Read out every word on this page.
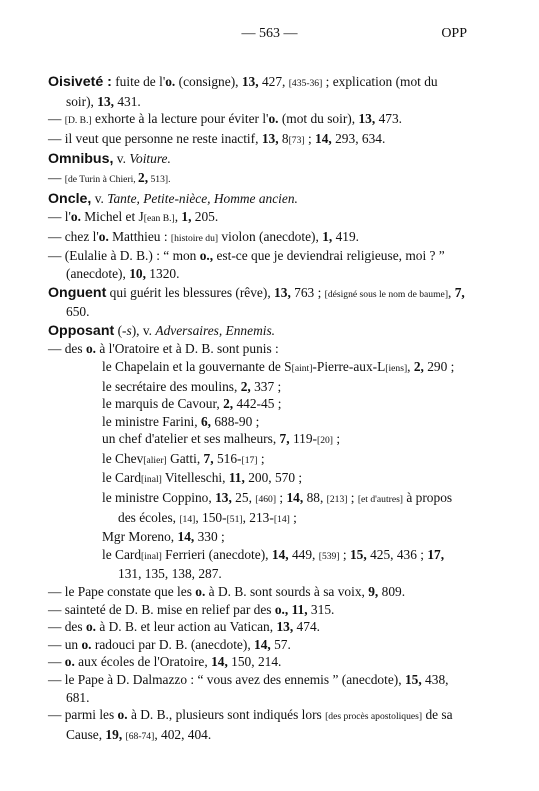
— 563 —	OPP

Oisiveté : fuite de l'o. (consigne), 13, 427, [435-36] ; explication (mot du soir), 13, 431.

— [D. B.] exhorte à la lecture pour éviter l'o. (mot du soir), 13, 473.

— il veut que personne ne reste inactif, 13, 8[73] ; 14, 293, 634.

Omnibus, v. Voiture.

— [de Turin à Chieri, 2, 513].

Oncle, v. Tante, Petite-nièce, Homme ancien.

— l'o. Michel et J[ean B.], 1, 205.

— chez l'o. Matthieu : [histoire du] violon (anecdote), 1, 419.

— (Eulalie à D. B.) : “ mon o., est-ce que je deviendrai religieuse, moi ? ” (anecdote), 10, 1320.

Onguent qui guérit les blessures (rêve), 13, 763 ; [désigné sous le nom de baume], 7, 650.

Opposant (-s), v. Adversaires, Ennemis.

— des o. à l'Oratoire et à D. B. sont punis :

le Chapelain et la gouvernante de S[aint]-Pierre-aux-L[iens], 2, 290 ;

le secrétaire des moulins, 2, 337 ;

le marquis de Cavour, 2, 442-45 ;

le ministre Farini, 6, 688-90 ;

un chef d'atelier et ses malheurs, 7, 119-[20] ;

le Chev[alier] Gatti, 7, 516-[17] ;

le Card[inal] Vitelleschi, 11, 200, 570 ;

le ministre Coppino, 13, 25, [460] ; 14, 88, [213] ; [et d'autres] à propos des écoles, [14], 150-[51], 213-[14] ;

Mgr Moreno, 14, 330 ;

le Card[inal] Ferrieri (anecdote), 14, 449, [539] ; 15, 425, 436 ; 17, 131, 135, 138, 287.

— le Pape constate que les o. à D. B. sont sourds à sa voix, 9, 809.

— sainteté de D. B. mise en relief par des o., 11, 315.

— des o. à D. B. et leur action au Vatican, 13, 474.

— un o. radouci par D. B. (anecdote), 14, 57.

— o. aux écoles de l'Oratoire, 14, 150, 214.

— le Pape à D. Dalmazzo : “ vous avez des ennemis ” (anecdote), 15, 438, 681.

— parmi les o. à D. B., plusieurs sont indiqués lors [des procès apostoliques] de sa Cause, 19, [68-74], 402, 404.
